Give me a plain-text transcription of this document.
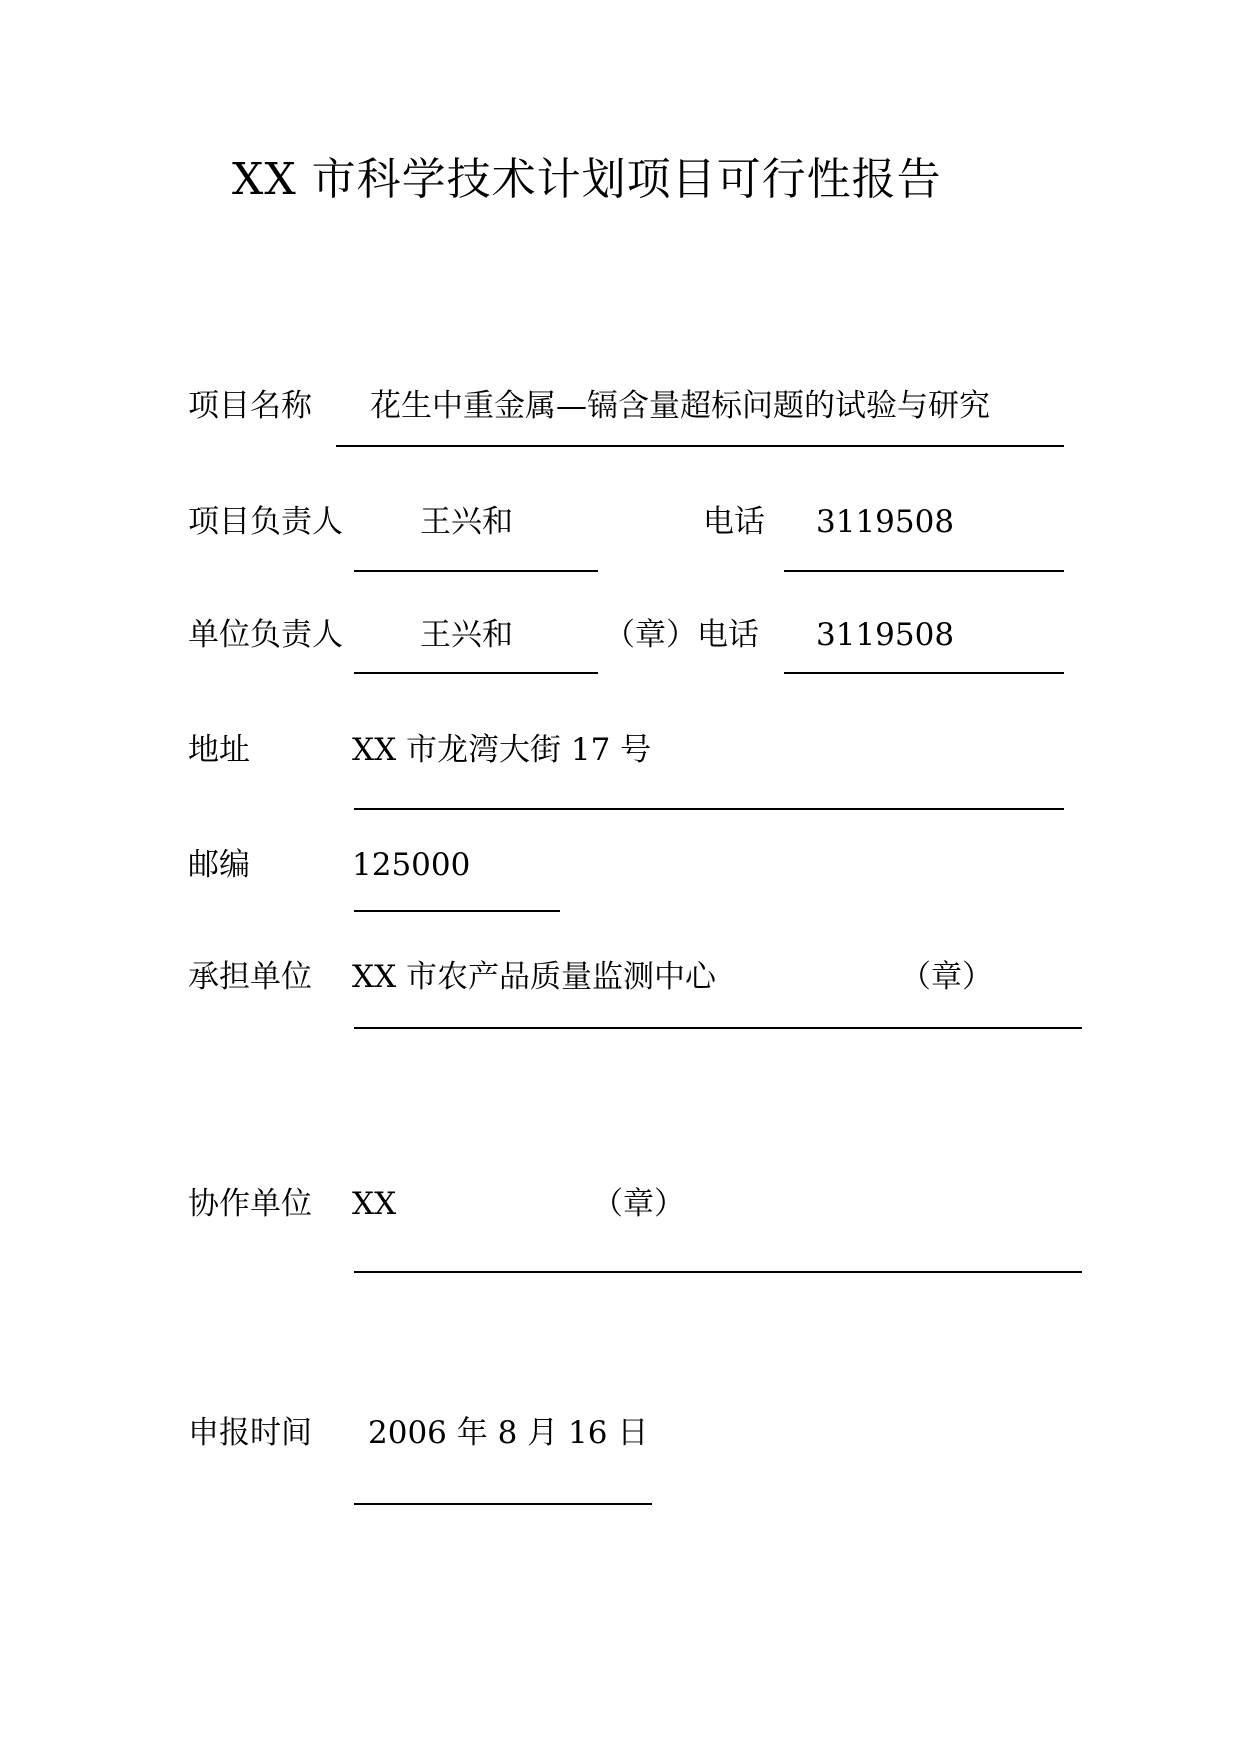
XX 市科学技术计划项目可行性报告
项目名称 花生中重金属—镉含量超标问题的试验与研究
项目负责人 王兴和	电话 3119508
单位负责人 王兴和	（章）电话 3119508
地址	XX 市龙湾大街 17 号
邮编	125000
承担单位 XX 市农产品质量监测中心	（章）
协作单位 XX	（章）
申报时间 2006 年 8 月 16 日
